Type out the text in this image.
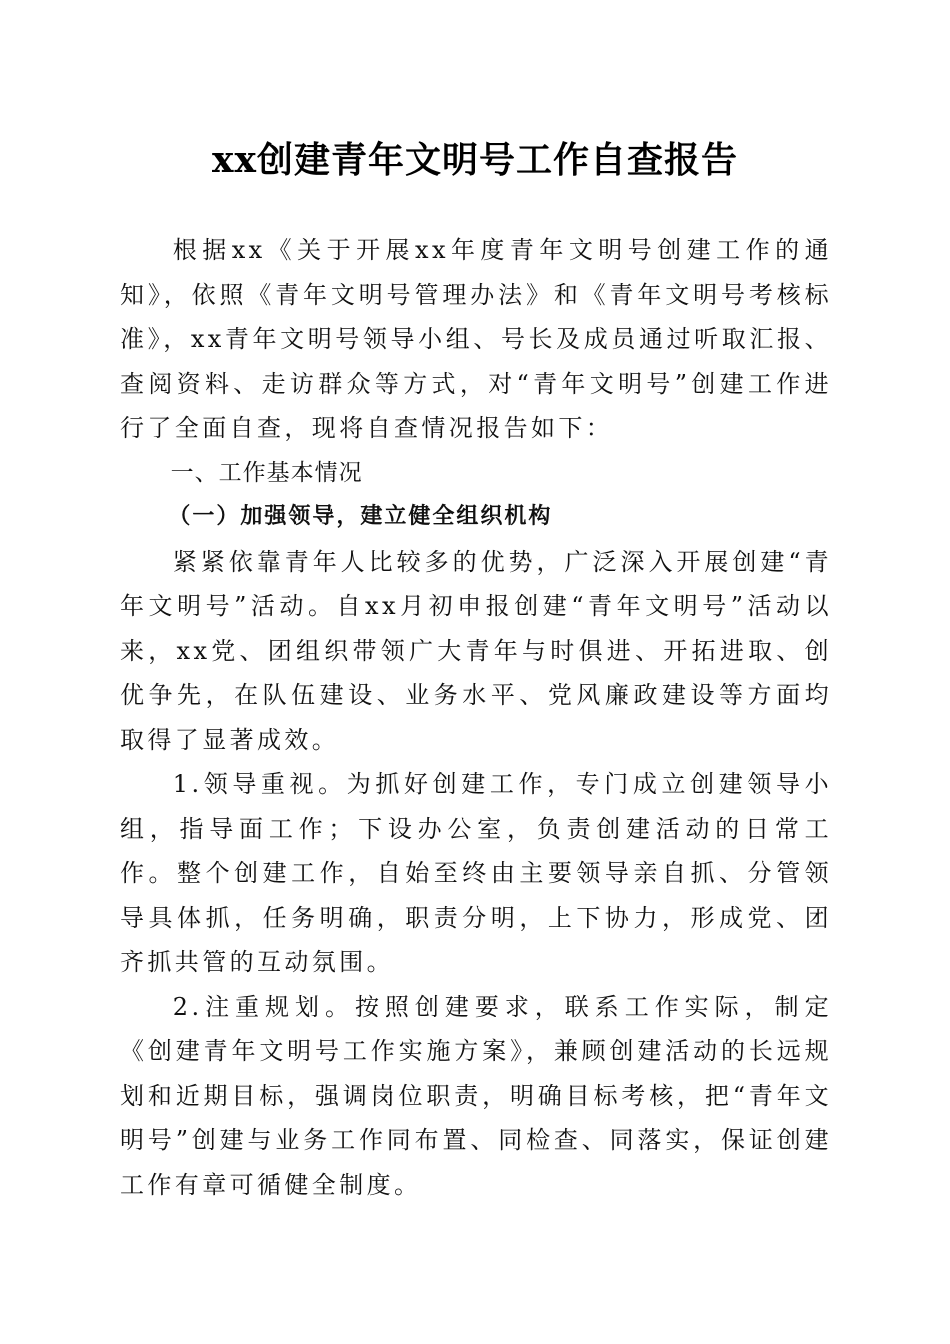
xx创建青年文明号工作自查报告

根据xx《关于开展xx年度青年文明号创建工作的通知》，依照《青年文明号管理办法》和《青年文明号考核标准》，xx青年文明号领导小组、号长及成员通过听取汇报、查阅资料、走访群众等方式，对“青年文明号”创建工作进行了全面自查，现将自查情况报告如下：

一、工作基本情况

（一）加强领导，建立健全组织机构

紧紧依靠青年人比较多的优势，广泛深入开展创建“青年文明号”活动。自xx月初申报创建“青年文明号”活动以来，xx党、团组织带领广大青年与时俱进、开拓进取、创优争先，在队伍建设、业务水平、党风廉政建设等方面均取得了显著成效。

1.领导重视。为抓好创建工作，专门成立创建领导小组，指导面工作；下设办公室，负责创建活动的日常工作。整个创建工作，自始至终由主要领导亲自抓、分管领导具体抓，任务明确，职责分明，上下协力，形成党、团齐抓共管的互动氛围。

2.注重规划。按照创建要求，联系工作实际，制定《创建青年文明号工作实施方案》，兼顾创建活动的长远规划和近期目标，强调岗位职责，明确目标考核，把“青年文明号”创建与业务工作同布置、同检查、同落实，保证创建工作有章可循健全制度。
